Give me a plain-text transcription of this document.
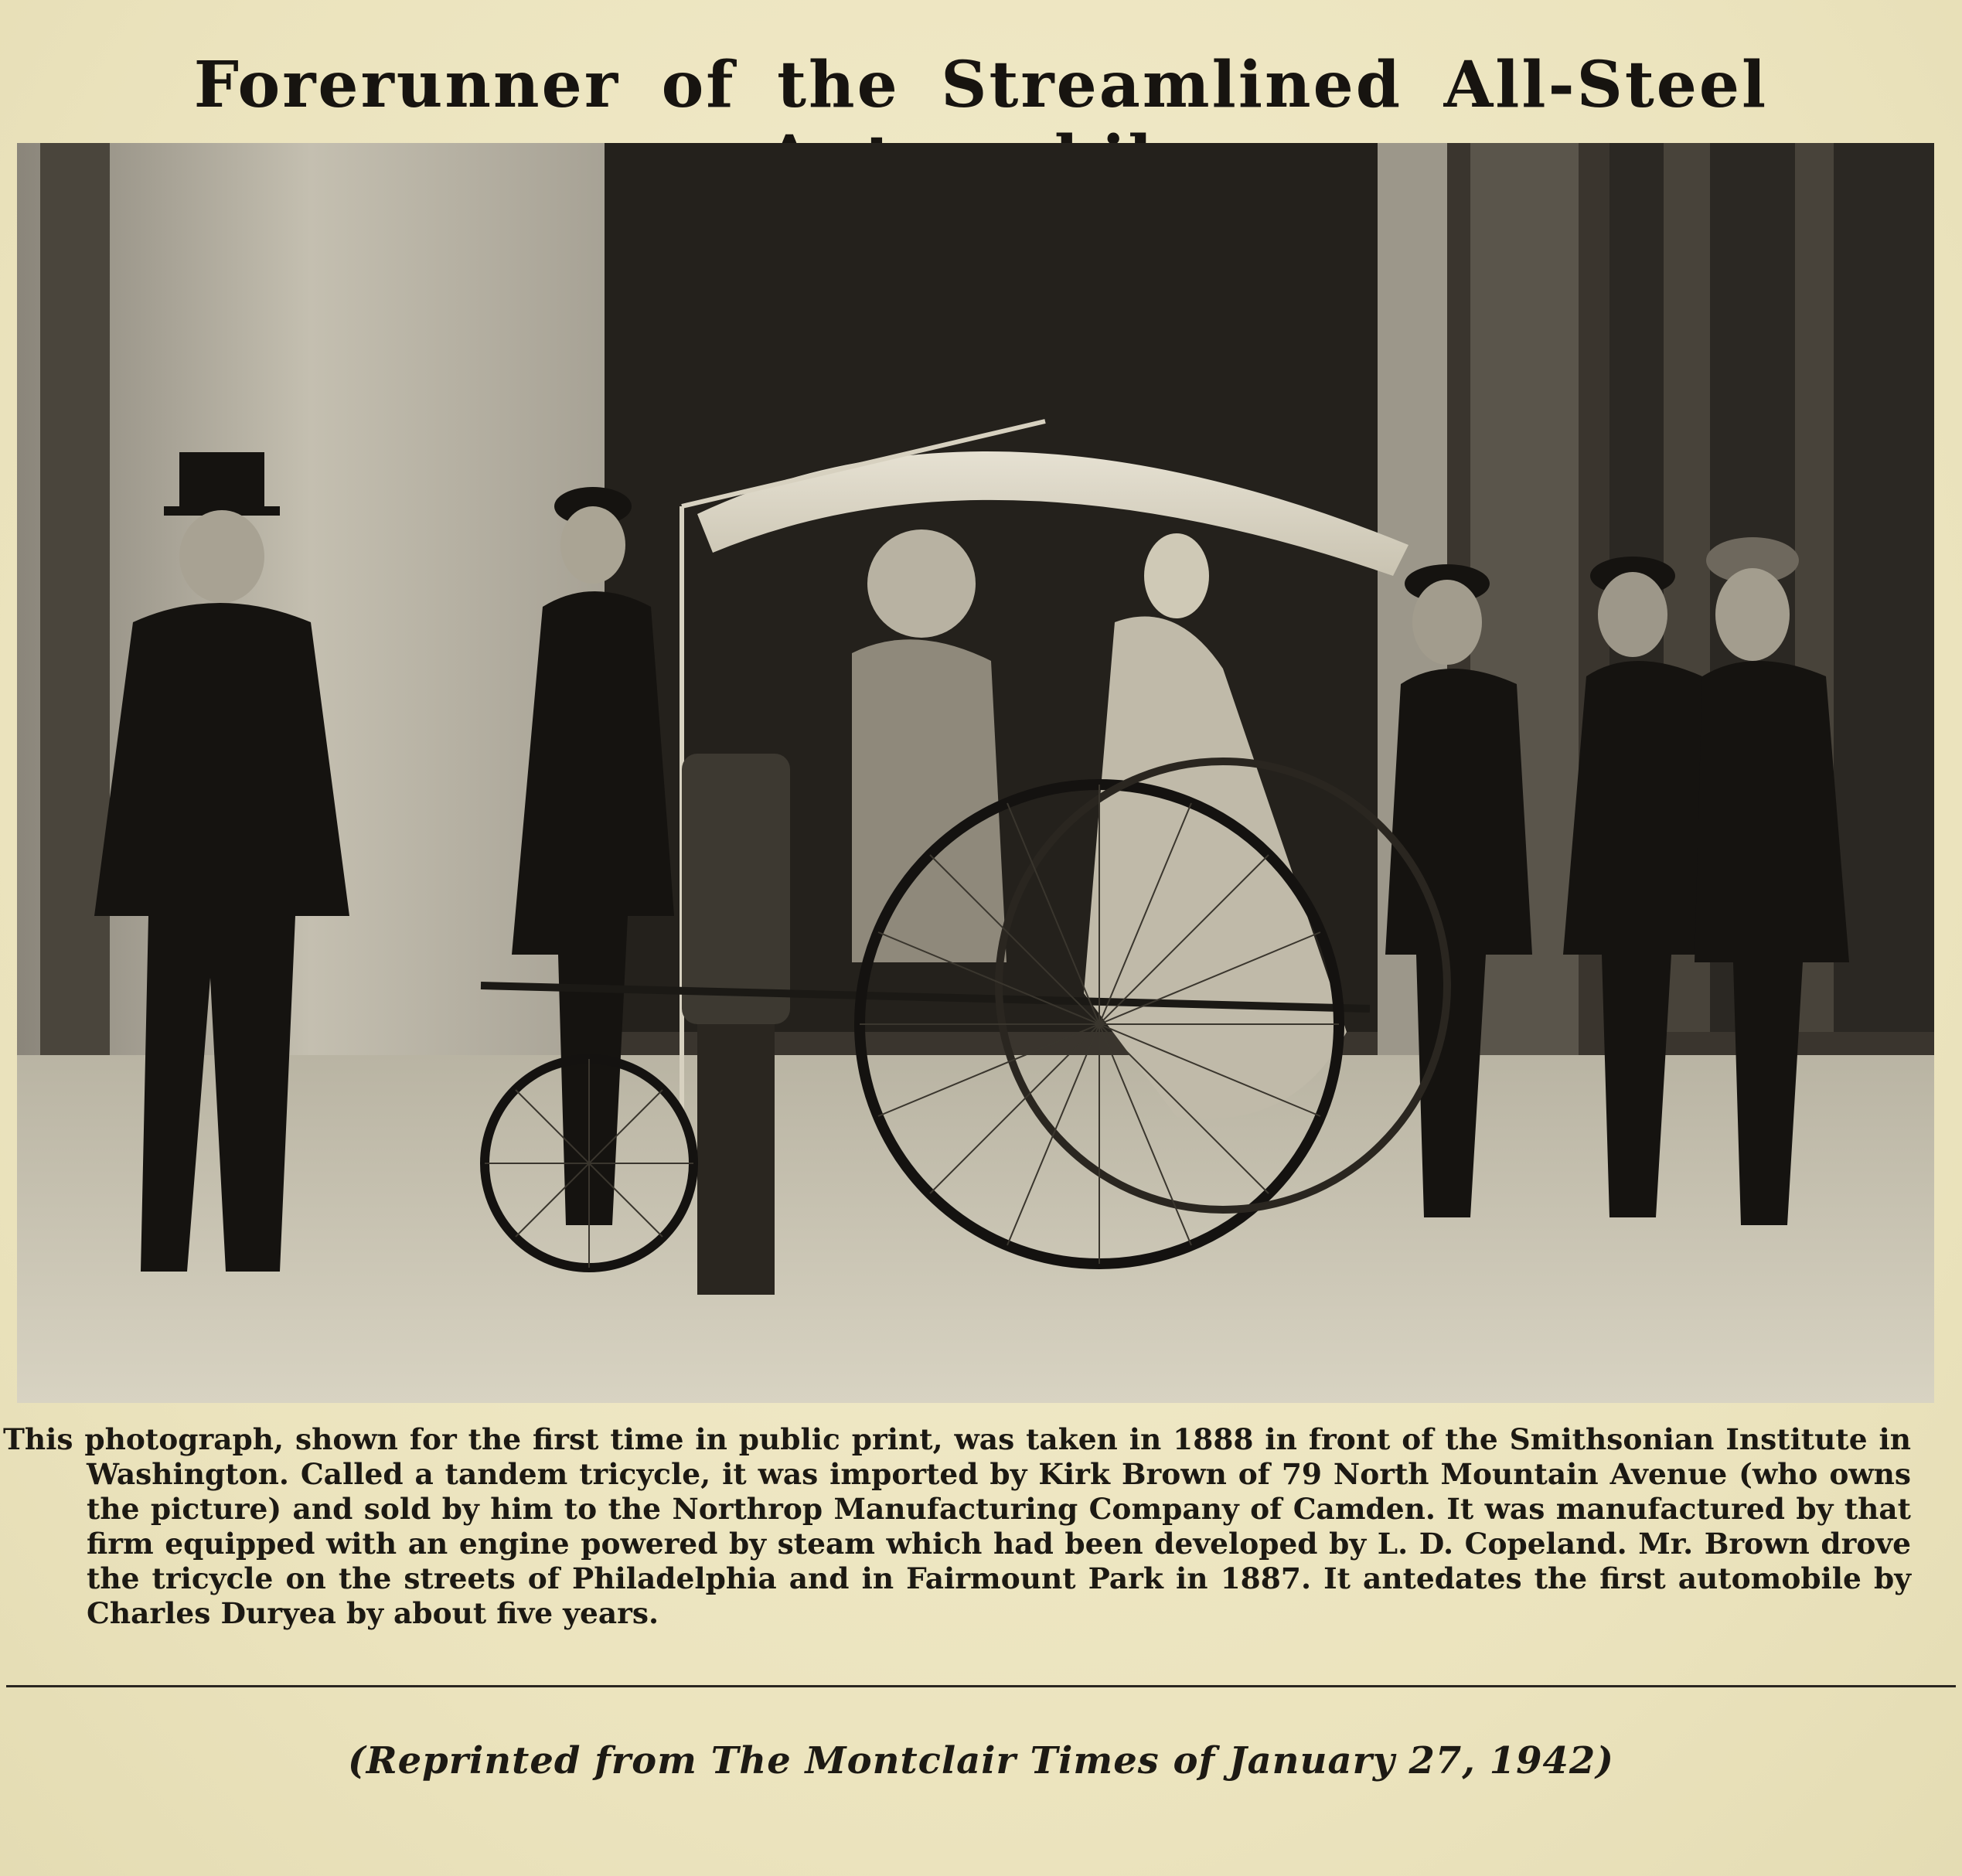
Forerunner of the Streamlined All-Steel

This photograph, shown for the first time in public print, was taken in 1888 in front of the Smithsonian Institute in Washington. Called a tandem tricycle, it was imported by Kirk Brown of 79 North Mountain Avenue (who owns the picture) and sold by him to the Northrop Manufacturing Company of Camden. It was manufactured by that firm equipped with an engine powered by steam which had been developed by L. D. Copeland. Mr. Brown drove the tricycle on the streets of Philadelphia and in Fairmount Park in 1887. It antedates the first automobile by Charles Duryea by about five years.

(Reprinted from The Montclair Times of January 27, 1942)
